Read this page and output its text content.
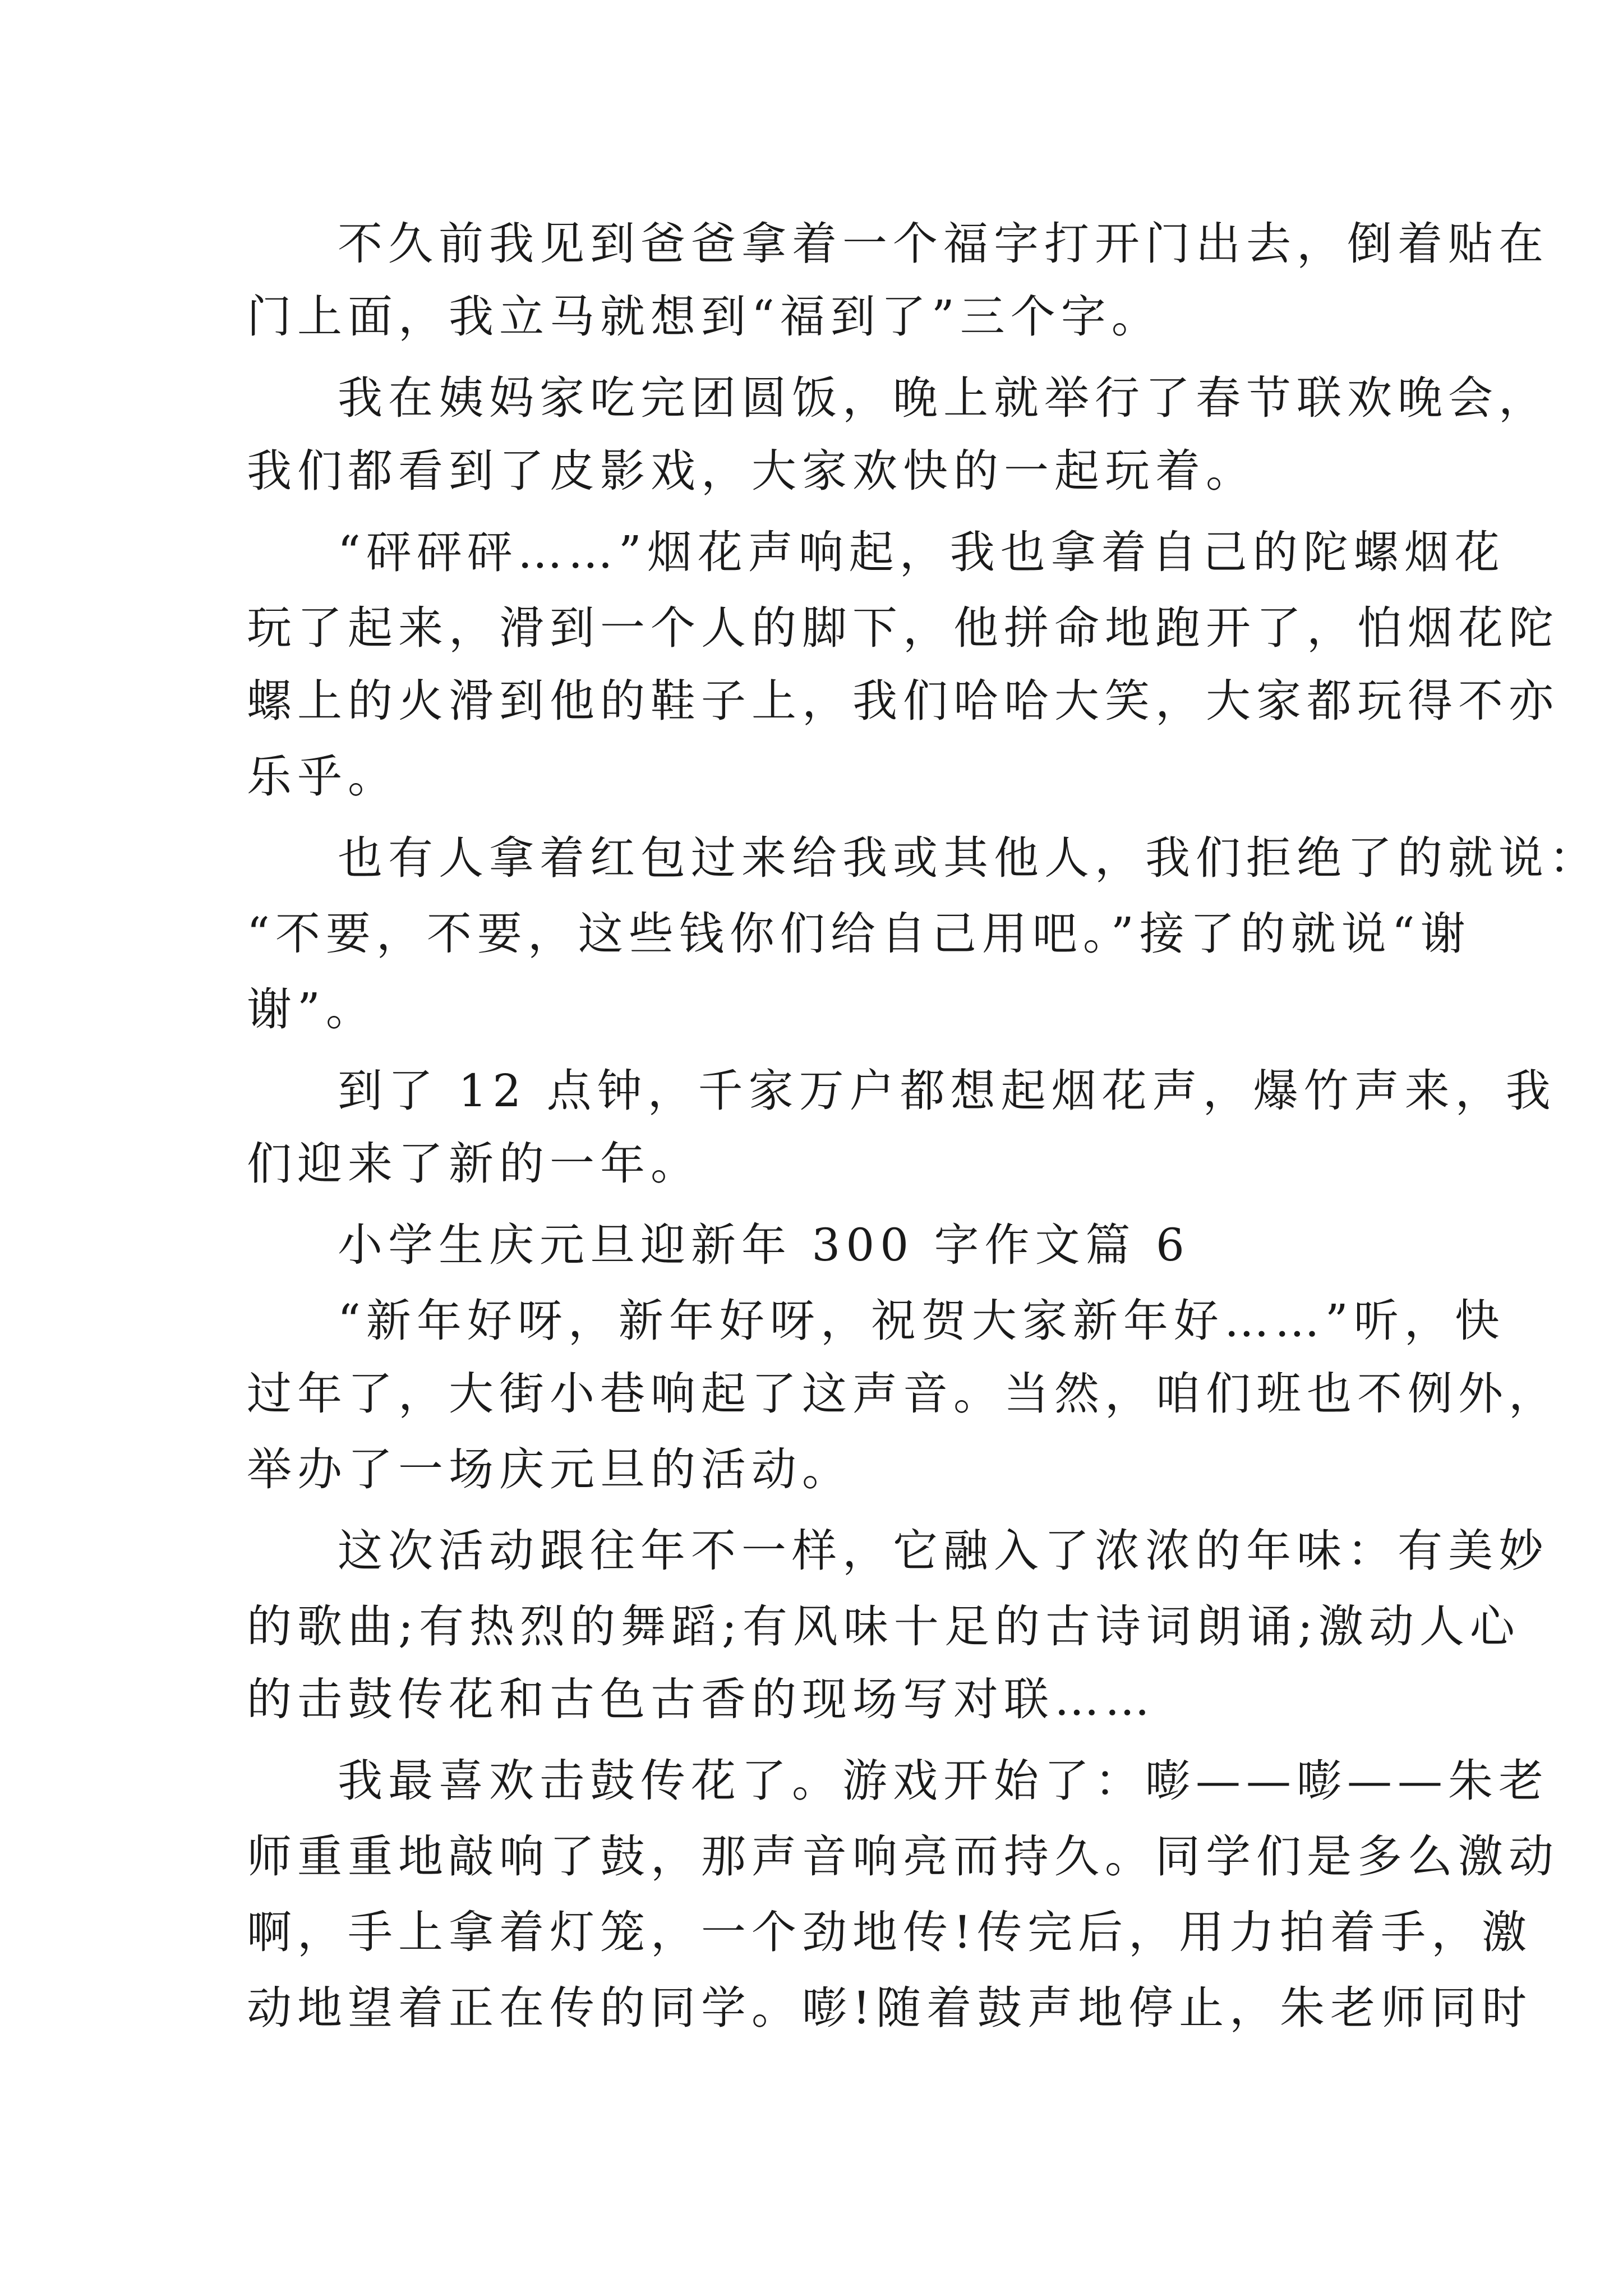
不久前我见到爸爸拿着一个福字打开门出去，倒着贴在
门上面，我立马就想到“福到了”三个字。
我在姨妈家吃完团圆饭，晚上就举行了春节联欢晚会，
我们都看到了皮影戏，大家欢快的一起玩着。
“砰砰砰……”烟花声响起，我也拿着自己的陀螺烟花
玩了起来，滑到一个人的脚下，他拼命地跑开了，怕烟花陀
螺上的火滑到他的鞋子上，我们哈哈大笑，大家都玩得不亦
乐乎。
也有人拿着红包过来给我或其他人，我们拒绝了的就说：
“不要，不要，这些钱你们给自己用吧。”接了的就说“谢
谢”。
到了 12 点钟，千家万户都想起烟花声，爆竹声来，我
们迎来了新的一年。
小学生庆元旦迎新年 300 字作文篇 6
“新年好呀，新年好呀，祝贺大家新年好……”听，快
过年了，大街小巷响起了这声音。当然，咱们班也不例外，
举办了一场庆元旦的活动。
这次活动跟往年不一样，它融入了浓浓的年味：有美妙
的歌曲;有热烈的舞蹈;有风味十足的古诗词朗诵;激动人心
的击鼓传花和古色古香的现场写对联……
我最喜欢击鼓传花了。游戏开始了：嘭——嘭——朱老
师重重地敲响了鼓，那声音响亮而持久。同学们是多么激动
啊，手上拿着灯笼，一个劲地传!传完后，用力拍着手，激
动地望着正在传的同学。嘭!随着鼓声地停止，朱老师同时
